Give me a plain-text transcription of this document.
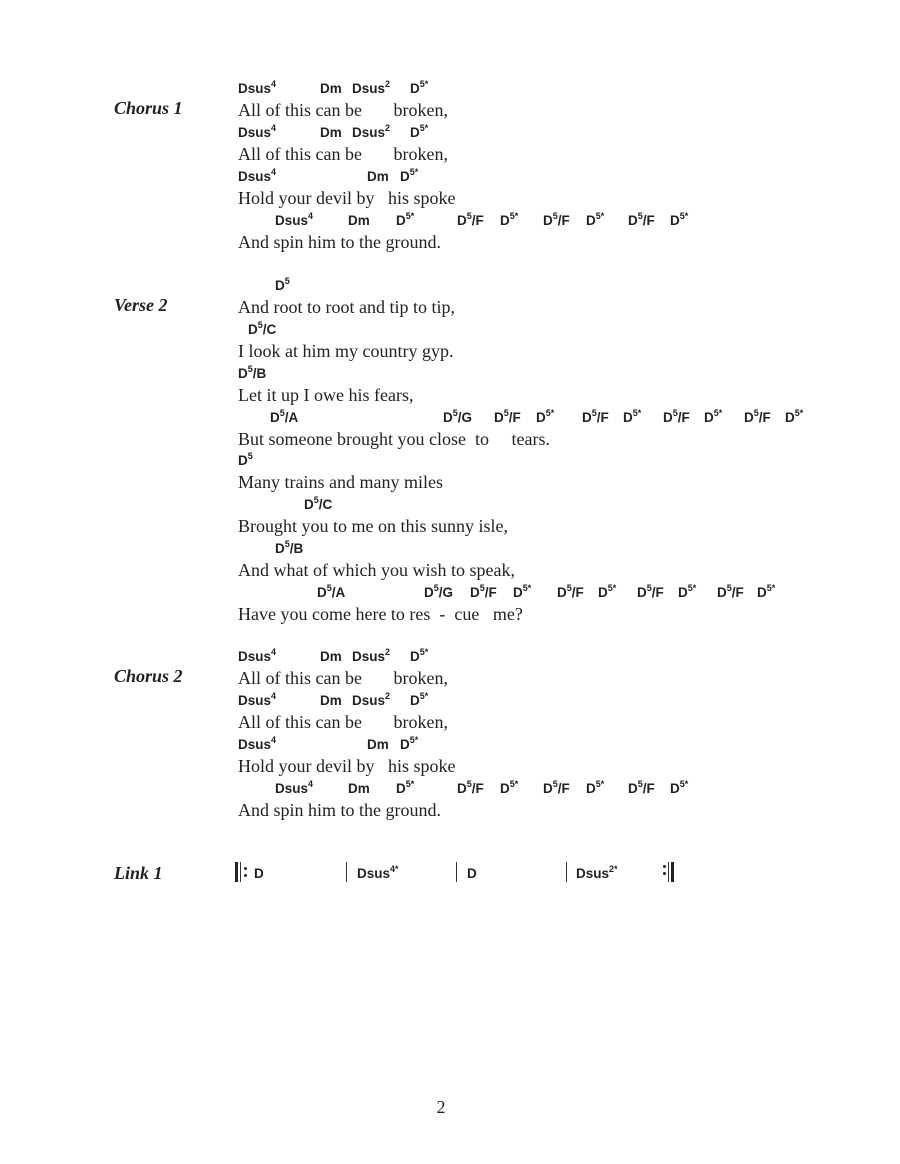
Chorus 1
Verse 2
Chorus 2
Link 1
All of this can be       broken,
Dsus$^4$	Dm Dsus$^2$ $D^{5*}$
All of this can be       broken,
Dsus$^4$	Dm Dsus$^2$ $D^{5*}$
Hold your devil by   his spoke
Dsus$^4$	Dm $D^{5*}$
And spin him to the ground.
Dsus$^4$	Dm $D^{5*}$	$D^5/F$ $D^{5*}$ $D^5/F$ $D^{5*}$ $D^5/F$ $D^{5*}$
And root to root and tip to tip,
$D^5$
I look at him my country gyp.
$D^5/C$
Let it up I owe his fears,
$D^5/B$
But someone brought you close  to     tears.
$D^5/A$	$D^5/G$ $D^5/F$ $D^{5*}$ $D^5/F$ $D^{5*}$ $D^5/F$ $D^{5*}$ $D^5/F$ $D^{5*}$
Many trains and many miles
$D^5$
Brought you to me on this sunny isle,
$D^5/C$
And what of which you wish to speak,
$D^5/B$
Have you come here to res  -  cue   me?
$D^5/A$	$D^5/G$ $D^5/F$ $D^{5*}$ $D^5/F$ $D^{5*}$ $D^5/F$ $D^{5*}$ $D^5/F$ $D^{5*}$
All of this can be       broken,
Dsus$^4$	Dm Dsus$^2$ $D^{5*}$
All of this can be       broken,
Dsus$^4$	Dm Dsus$^2$ $D^{5*}$
Hold your devil by   his spoke
Dsus$^4$	Dm $D^{5*}$
And spin him to the ground.
Dsus$^4$	Dm $D^{5*}$	$D^5/F$ $D^{5*}$ $D^5/F$ $D^{5*}$ $D^5/F$ $D^{5*}$
D	Dsus$^{4*}$	D	Dsus$^{2*}$
2
